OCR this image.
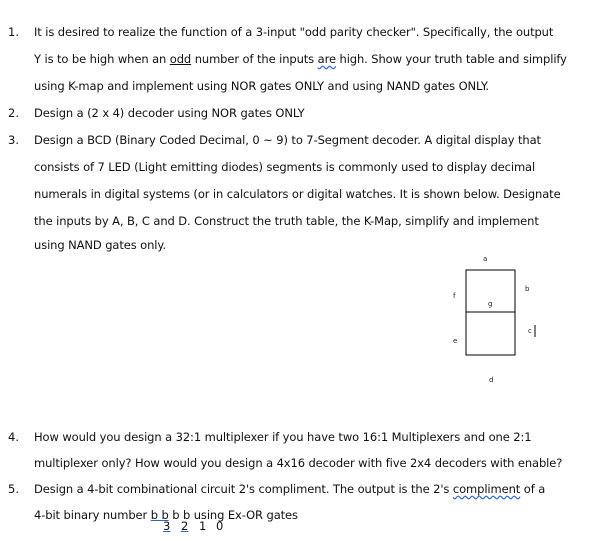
1. It is desired to realize the function of a 3-input "odd parity checker". Specifically, the output
Y is to be high when an odd number of the inputs are high. Show your truth table and simplify
using K-map and implement using NOR gates ONLY and using NAND gates ONLY.
2. Design a (2 x 4) decoder using NOR gates ONLY
3. Design a BCD (Binary Coded Decimal, 0 ~ 9) to 7-Segment decoder. A digital display that
consists of 7 LED (Light emitting diodes) segments is commonly used to display decimal
numerals in digital systems (or in calculators or digital watches. It is shown below. Designate
the inputs by A, B, C and D. Construct the truth table, the K-Map, simplify and implement
using NAND gates only.
a
b
c
d
e
f
g
4. How would you design a 32:1 multiplexer if you have two 16:1 Multiplexers and one 2:1
multiplexer only? How would you design a 4x16 decoder with five 2x4 decoders with enable?
5. Design a 4-bit combinational circuit 2's compliment. The output is the 2's compliment of a
4-bit binary number b b b b using Ex-OR gates
3 2 1 0
